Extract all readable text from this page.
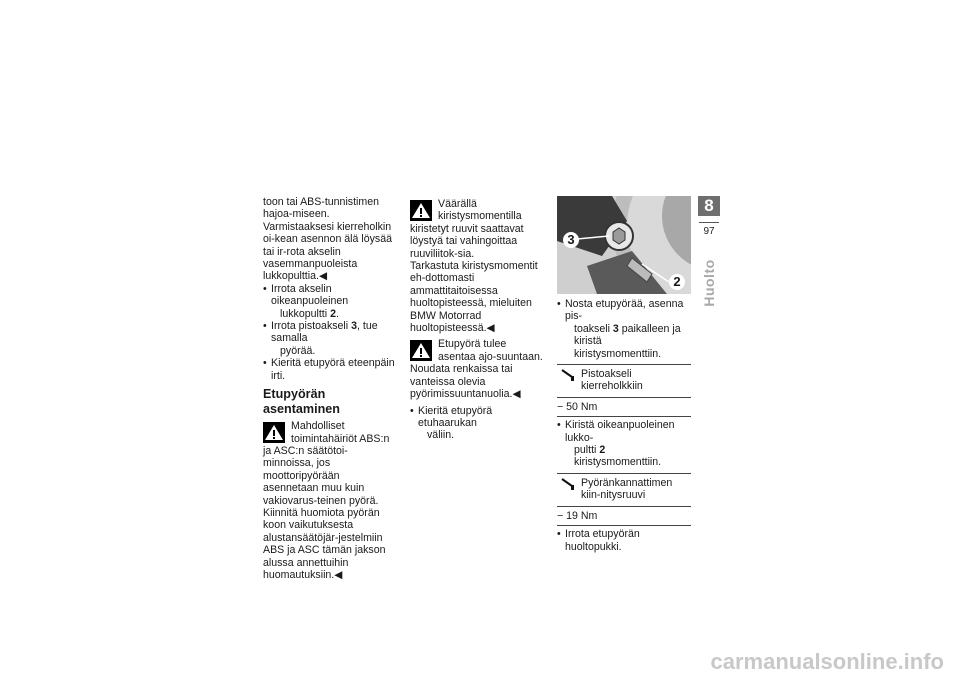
toon tai ABS-tunnistimen hajoa-miseen.

Varmistaaksesi kierreholkin oi-kean asennon älä löysää tai ir-rota akselin vasemmanpuoleista lukkopulttia.◀

• Irrota akselin oikeanpuoleinen
lukkopultti 2.

• Irrota pistoakseli 3, tue samalla
pyörää.

• Kieritä etupyörä eteenpäin irti.

Etupyörän asentaminen

Mahdolliset toimintahäiriöt ABS:n ja ASC:n säätötoi-minnoissa, jos moottoripyörään asennetaan muu kuin vakiovarus-teinen pyörä.

Kiinnitä huomiota pyörän koon vaikutuksesta alustansäätöjär-jestelmiin ABS ja ASC tämän jakson alussa annettuihin huomautuksiin.◀

Väärällä kiristysmomentilla kiristetyt ruuvit saattavat löystyä tai vahingoittaa ruuviliitok-sia.

Tarkastuta kiristysmomentit eh-dottomasti ammattitaitoisessa huoltopisteessä, mieluiten BMW Motorrad huoltopisteessä.◀

Etupyörä tulee asentaa ajo-suuntaan.

Noudata renkaissa tai vanteissa olevia pyörimissuuntanuolia.◀

• Kieritä etupyörä etuhaarukan
väliin.

3
2

• Nosta etupyörää, asenna pis-
toakseli 3 paikalleen ja kiristä
kiristysmomenttiin.

Pistoakseli kierreholkkiin
− 50 Nm

• Kiristä oikeanpuoleinen lukko-
pultti 2 kiristysmomenttiin.

Pyöränkannattimen kiin-nitysruuvi
− 19 Nm

• Irrota etupyörän huoltopukki.

8
97
Huolto
carmanualsonline.info
